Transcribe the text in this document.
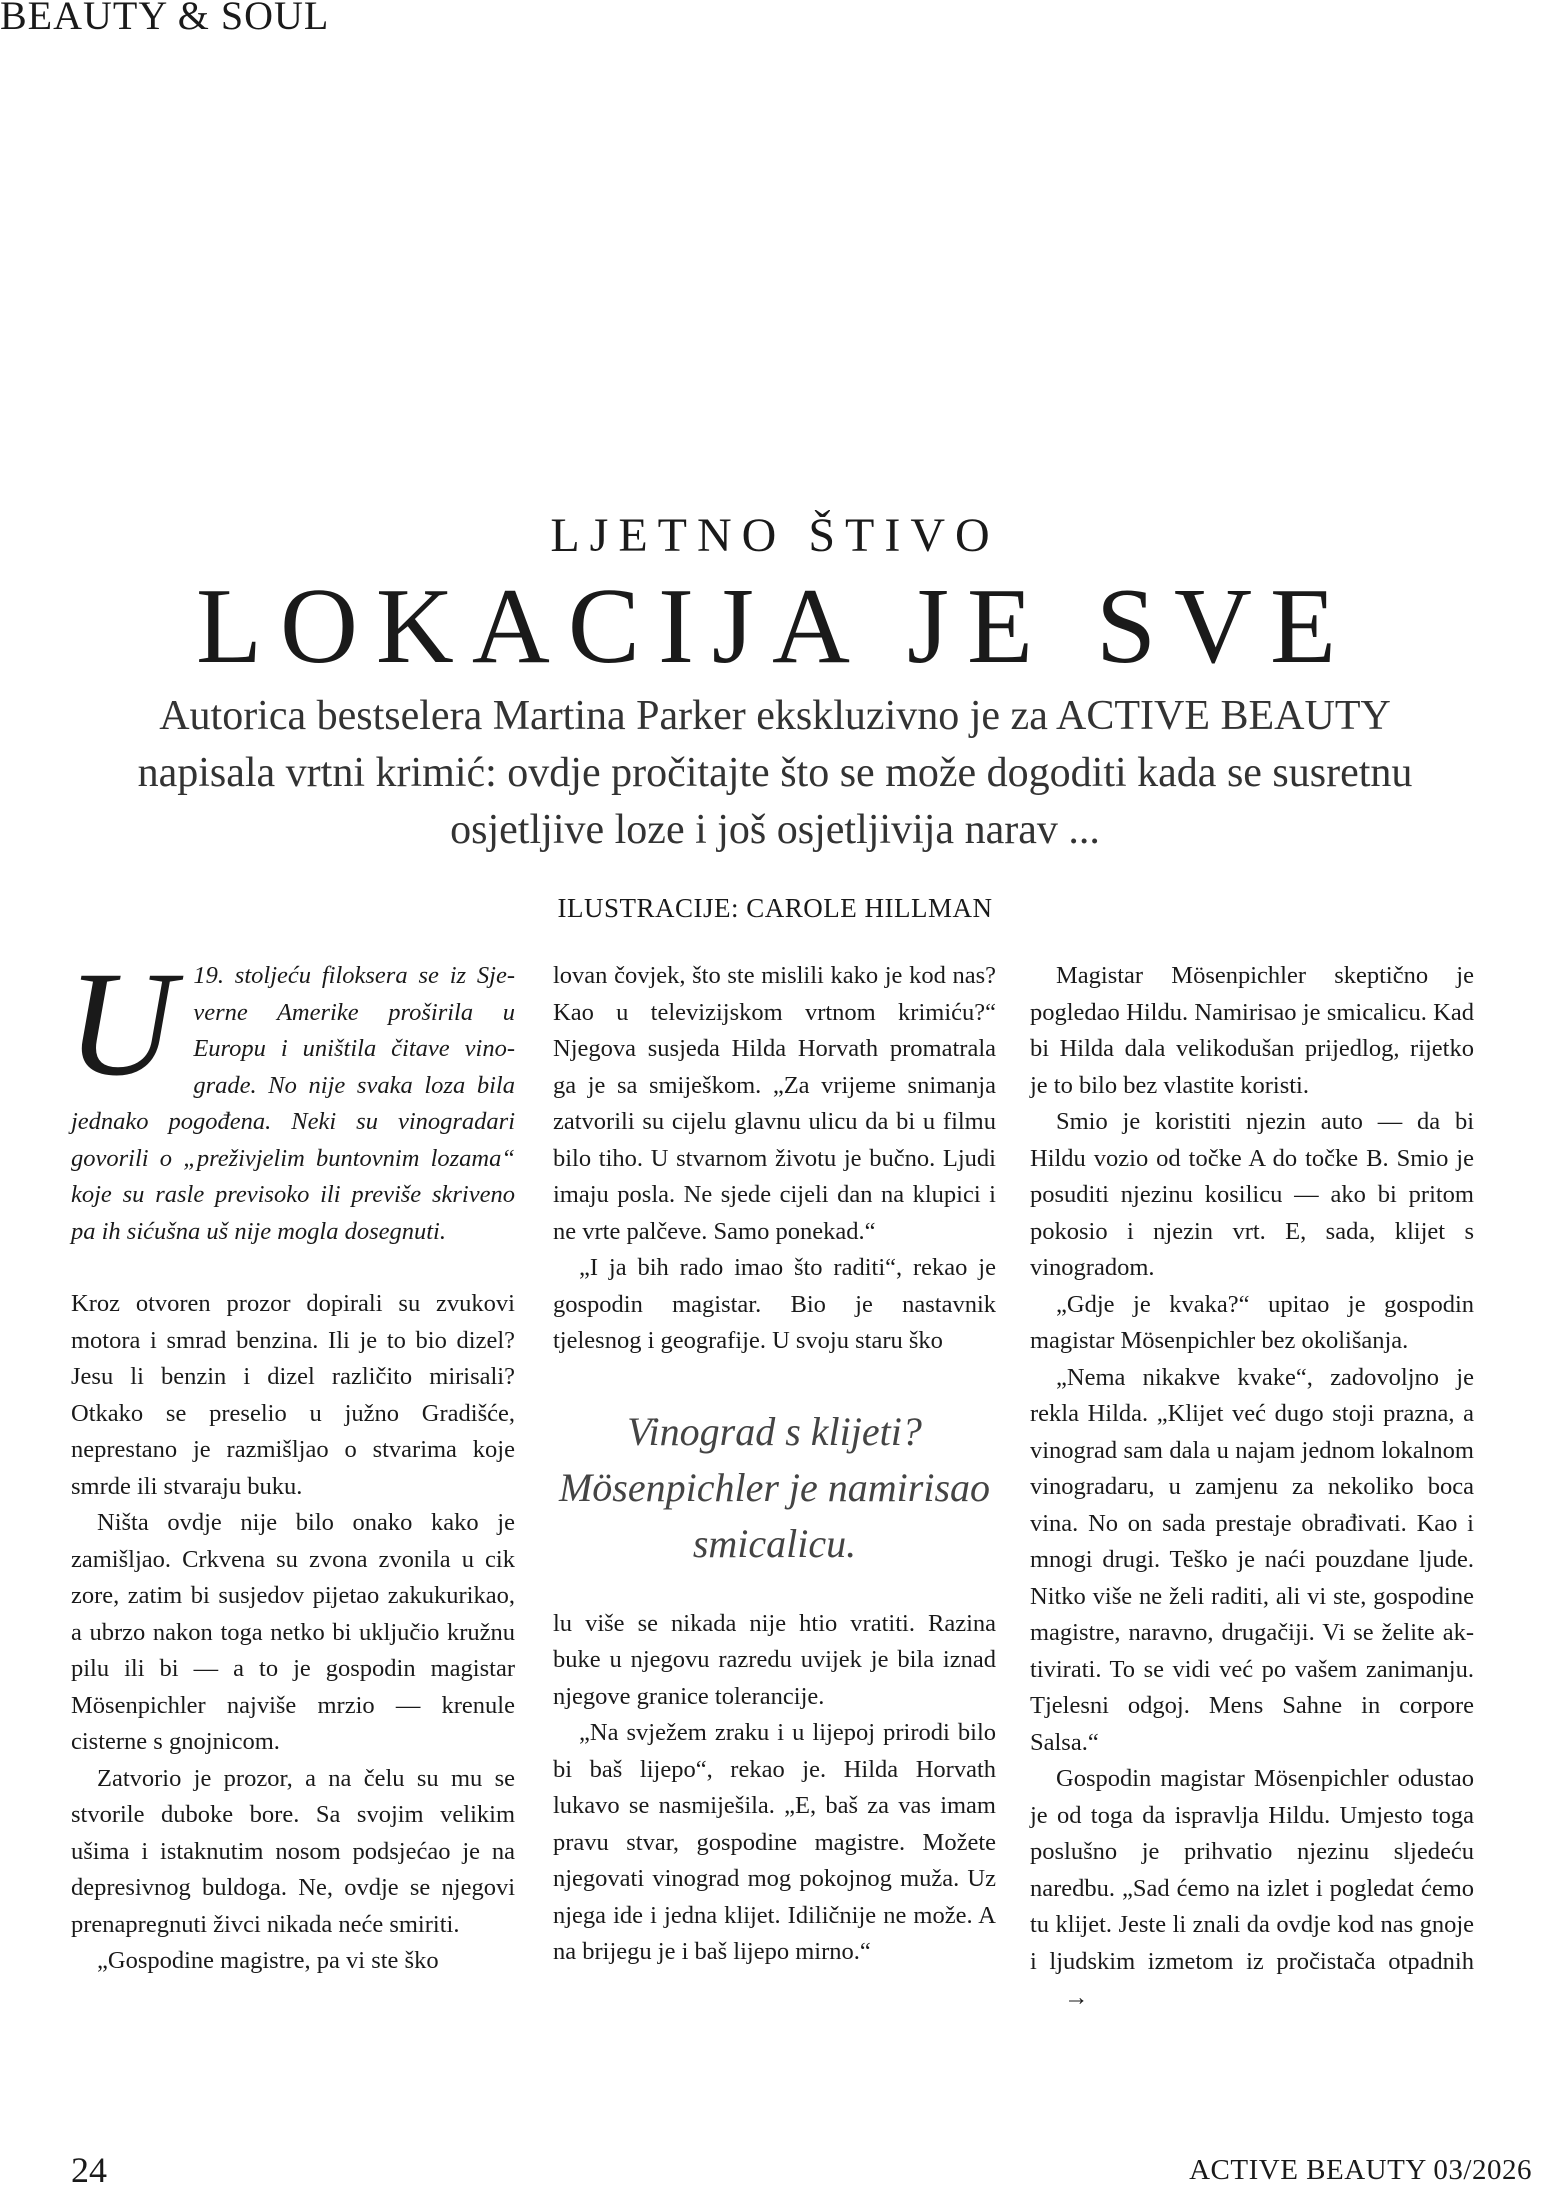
BEAUTY & SOUL
LJETNO ŠTIVO
LOKACIJA JE SVE
Autorica bestselera Martina Parker ekskluzivno je za ACTIVE BEAUTY napisala vrtni krimić: ovdje pročitajte što se može dogoditi kada se susretnu osjetljive loze i još osjetljivija narav ...
ILUSTRACIJE: CAROLE HILLMAN
U 19. stoljeću filoksera se iz Sjeverne Amerike proširila u Europu i uništila čitave vinograde. No nije svaka loza bila jednako pogođena. Neki su vinogradari govorili o „preživjelim buntovnim lozama“ koje su rasle previsoko ili previše skriveno pa ih sićušna uš nije mogla dosegnuti.

Kroz otvoren prozor dopirali su zvukovi motora i smrad benzina. Ili je to bio dizel? Jesu li benzin i dizel različito mirisali? Otkako se preselio u južno Gradišće, neprestano je razmišljao o stvarima koje smrde ili stvaraju buku.

Ništa ovdje nije bilo onako kako je zamišljao. Crkvena su zvona zvonila u cik zore, zatim bi susjedov pijetao zakukurikao, a ubrzo nakon toga netko bi uključio kružnu pilu ili bi — a to je gospodin magistar Mösenpichler najviše mrzio — krenule cisterne s gnojnicom.

Zatvorio je prozor, a na čelu su mu se stvorile duboke bore. Sa svojim velikim ušima i istaknutim nosom podsjećao je na depresivnog buldoga. Ne, ovdje se njegovi prenapregnuti živci nikada neće smiriti.

„Gospodine magistre, pa vi ste ško

lovan čovjek, što ste mislili kako je kod nas? Kao u televizijskom vrtnom krimiću?“ Njegova susjeda Hilda Horvath promatrala ga je sa smiješkom. „Za vrijeme snimanja zatvorili su cijelu glavnu ulicu da bi u filmu bilo tiho. U stvarnom životu je bučno. Ljudi imaju posla. Ne sjede cijeli dan na klupici i ne vrte palčeve. Samo ponekad.“

„I ja bih rado imao što raditi“, rekao je gospodin magistar. Bio je nastavnik tjelesnog i geografije. U svoju staru ško

Vinograd s klijeti? Mösenpichler je namirisao smicalicu.

lu više se nikada nije htio vratiti. Razina buke u njegovu razredu uvijek je bila iznad njegove granice tolerancije.

„Na svježem zraku i u lijepoj prirodi bilo bi baš lijepo“, rekao je. Hilda Horvath lukavo se nasmiješila. „E, baš za vas imam pravu stvar, gospodine magistre. Možete njegovati vinograd mog pokojnog muža. Uz njega ide i jedna klijet. Idiličnije ne može. A na brijegu je i baš lijepo mirno.“

Magistar Mösenpichler skeptično je pogledao Hildu. Namirisao je smicalicu. Kad bi Hilda dala velikodušan prijedlog, rijetko je to bilo bez vlastite koristi.

Smio je koristiti njezin auto — da bi Hildu vozio od točke A do točke B. Smio je posuditi njezinu kosilicu — ako bi pritom pokosio i njezin vrt. E, sada, klijet s vinogradom.

„Gdje je kvaka?“ upitao je gospodin magistar Mösenpichler bez okolišanja.

„Nema nikakve kvake“, zadovoljno je rekla Hilda. „Klijet već dugo stoji prazna, a vinograd sam dala u najam jednom lokalnom vinogradaru, u zamjenu za nekoliko boca vina. No on sada prestaje obrađivati. Kao i mnogi drugi. Teško je naći pouzdane ljude. Nitko više ne želi raditi, ali vi ste, gospodine magistre, naravno, drugačiji. Vi se želite aktivirati. To se vidi već po vašem zanimanju. Tjelesni odgoj. Mens Sahne in corpore Salsa.“

Gospodin magistar Mösenpichler odustao je od toga da ispravlja Hildu. Umjesto toga poslušno je prihvatio njezinu sljedeću naredbu. „Sad ćemo na izlet i pogledat ćemo tu klijet. Jeste li znali da ovdje kod nas gnoje i ljudskim izmetom iz pročistača otpadnih→

24	ACTIVE BEAUTY 03/2026
